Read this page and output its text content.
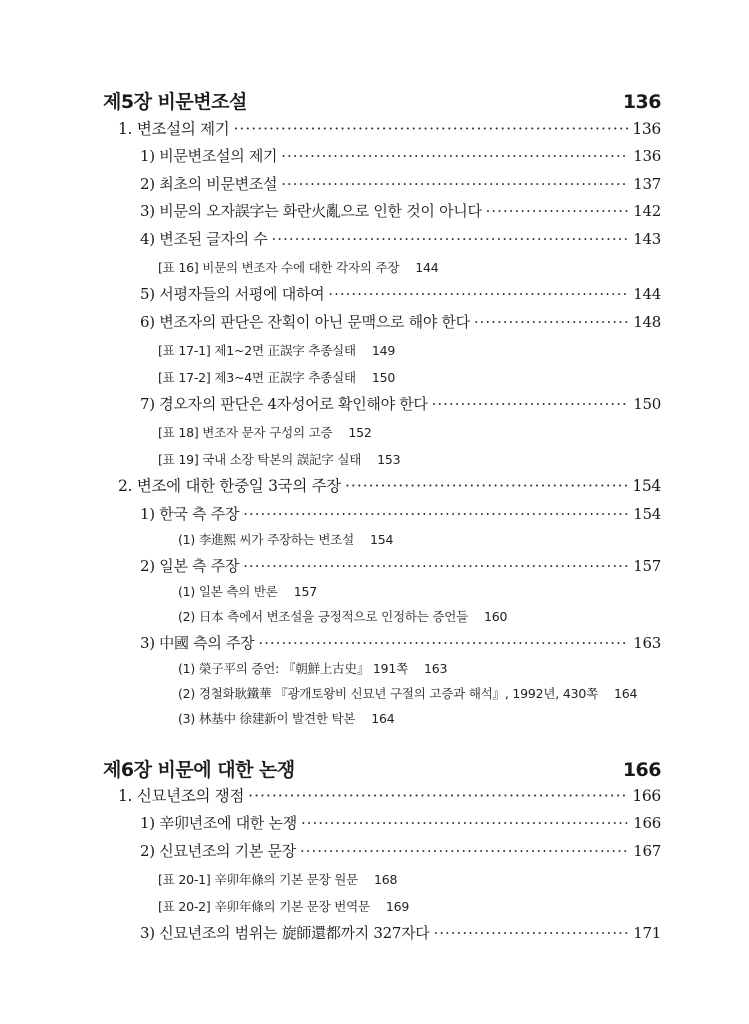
제5장 비문변조설	136
1. 변조설의 제기 ·····	136
1) 비문변조설의 제기 ·····	136
2) 최초의 비문변조설 ·····	137
3) 비문의 오자誤字는 화란火亂으로 인한 것이 아니다 ·····	142
4) 변조된 글자의 수 ·····	143
[표 16] 비문의 변조자 수에 대한 각자의 주장 144
5) 서평자들의 서평에 대하여 ·····	144
6) 변조자의 판단은 잔획이 아닌 문맥으로 해야 한다 ·····	148
[표 17-1] 제1~2면 正誤字 추종실태 149
[표 17-2] 제3~4면 正誤字 추종실태 150
7) 경오자의 판단은 4자성어로 확인해야 한다 ·····	150
[표 18] 변조자 문자 구성의 고증 152
[표 19] 국내 소장 탁본의 誤記字 실태 153
2. 변조에 대한 한중일 3국의 주장 ·····	154
1) 한국 측 주장 ·····	154
(1) 李進熙 씨가 주장하는 변조설 154
2) 일본 측 주장 ·····	157
(1) 일본 측의 반론 157
(2) 日本 측에서 변조설을 긍정적으로 인정하는 증언들 160
3) 中國 측의 주장 ·····	163
(1) 榮子平의 증언: 『朝鮮上古史』 191쪽 163
(2) 경철화耿鐵華 『광개토왕비 신묘년 구절의 고증과 해석』, 1992년, 430쪽 164
(3) 林基中 徐建新이 발견한 탁본 164
제6장 비문에 대한 논쟁	166
1. 신묘년조의 쟁점 ·····	166
1) 辛卯년조에 대한 논쟁 ·····	166
2) 신묘년조의 기본 문장 ·····	167
[표 20-1] 辛卯年條의 기본 문장 원문 168
[표 20-2] 辛卯年條의 기본 문장 번역문 169
3) 신묘년조의 범위는 旋師還都까지 327자다 ·····	171
